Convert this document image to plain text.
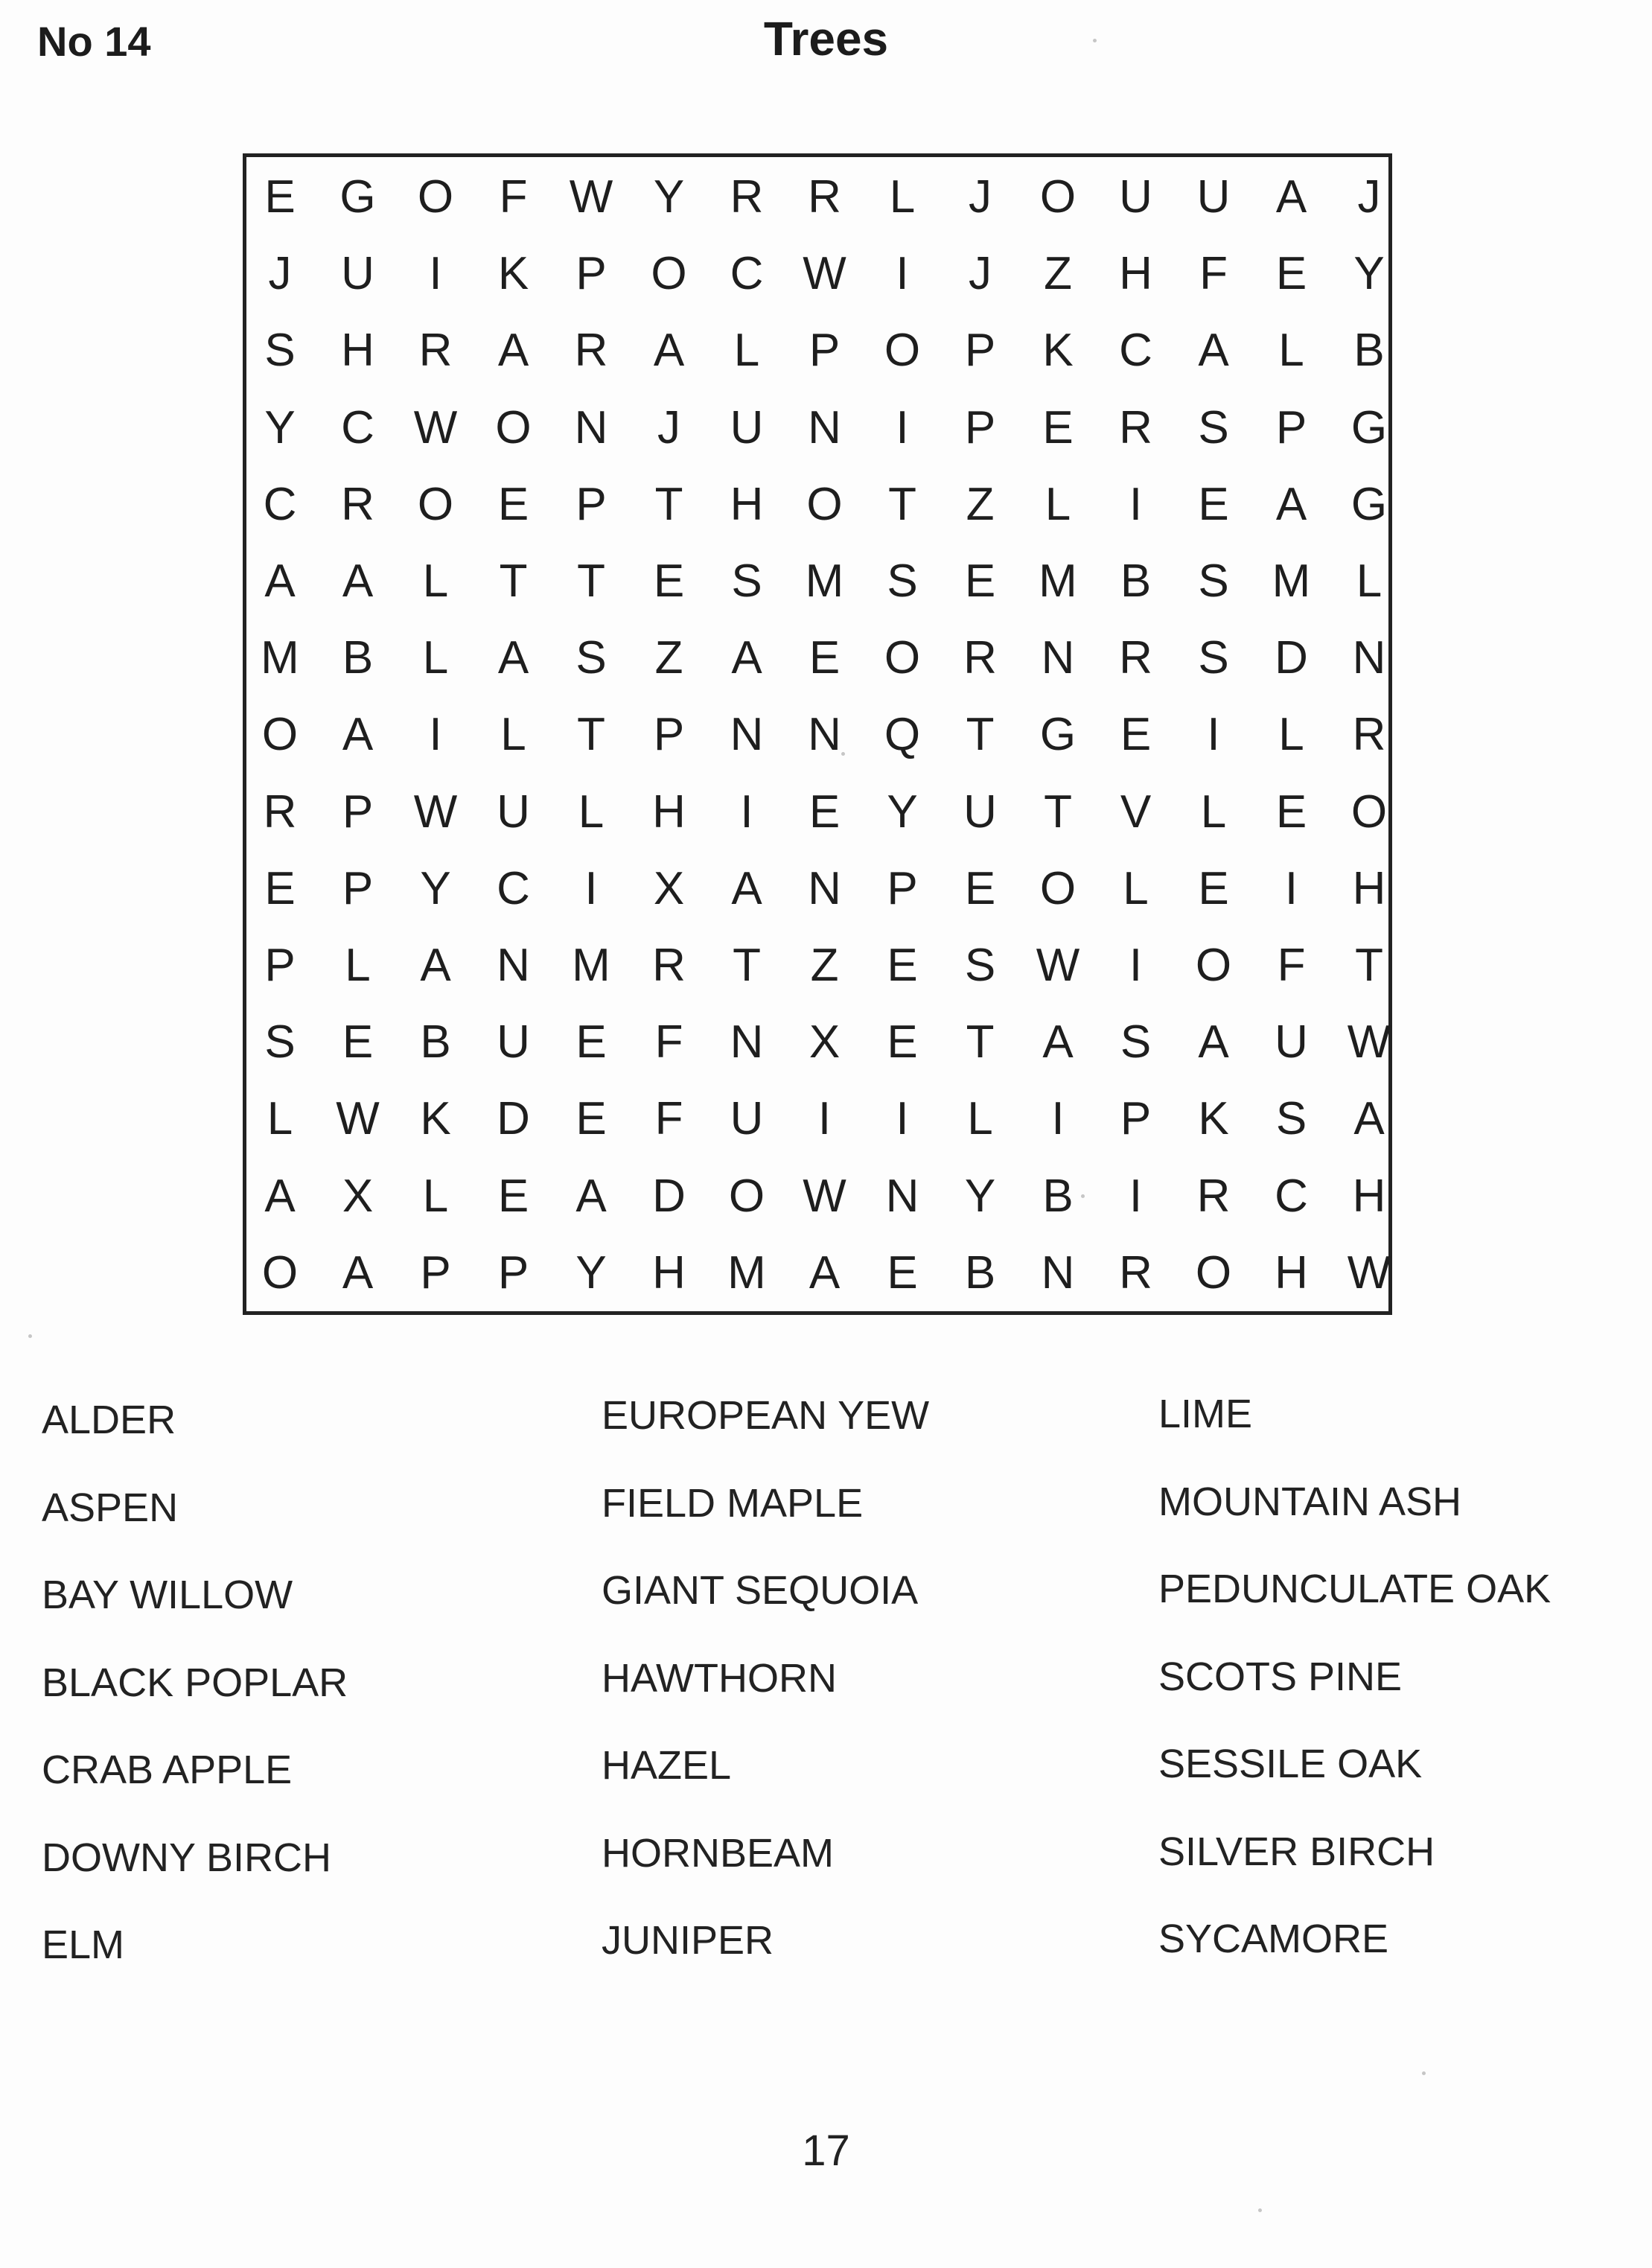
No 14	Trees
E G O F W Y R R	L	J	O U U A	J
J	U	I	K	P O C W	I	J	Z	H	F	E	Y
S H R A R A	L	P O P	K C A	L	B
Y C W O N	J	U N	I	P	E R S	P G
C R O E	P	T	H O T	Z	L	I	E	A G
A	A	L	T	T	E	S M S	E M B	S M L
M B	L	A	S	Z	A	E O R N R S D N
O A	I	L	T	P N N Q T G E	I	L	R
R P W U	L	H	I	E	Y U	T	V	L	E O
E	P	Y C	I	X	A N P	E O	L	E	I	H
P	L	A N M R	T	Z	E	S W	I	O F	T
S	E	B U E	F	N X	E	T	A	S	A U W
L W K D E	F	U	I	I	L	I	P	K	S	A
A	X	L	E	A D O W N Y	B	I	R C H
O A	P	P	Y H M A	E	B N R O H W
ALDER
ASPEN
BAY WILLOW
BLACK POPLAR
CRAB APPLE
DOWNY BIRCH
ELM
EUROPEAN YEW
FIELD MAPLE
GIANT SEQUOIA
HAWTHORN
HAZEL
HORNBEAM
JUNIPER
LIME
MOUNTAIN ASH
PEDUNCULATE OAK
SCOTS PINE
SESSILE OAK
SILVER BIRCH
SYCAMORE
17
